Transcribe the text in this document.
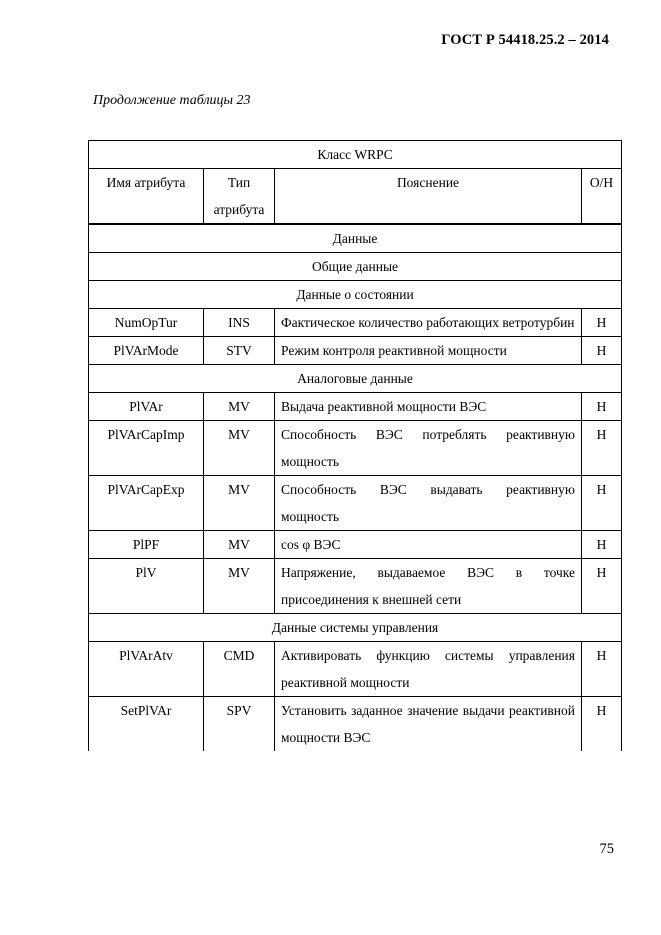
ГОСТ Р 54418.25.2 – 2014
Продолжение таблицы 23
Класс WRPC			
Имя атрибута	Тип атрибута	Пояснение	О/Н
Данные			
Общие данные			
Данные о состоянии			
NumOpTur	INS	Фактическое количество работающих ветротурбин	Н
PlVArMode	STV	Режим контроля реактивной мощности	Н
Аналоговые данные			
PlVAr	MV	Выдача реактивной мощности ВЭС	Н
PlVArCapImp	MV	Способность ВЭС потреблять реактивную мощность	Н
PlVArCapExp	MV	Способность ВЭС выдавать реактивную мощность	Н
PlPF	MV	cos φ ВЭС	Н
PlV	MV	Напряжение, выдаваемое ВЭС в точке присоединения к внешней сети	Н
Данные системы управления			
PlVArAtv	CMD	Активировать функцию системы управления реактивной мощности	Н
SetPlVAr	SPV	Установить заданное значение выдачи реактивной мощности ВЭС	Н
75
